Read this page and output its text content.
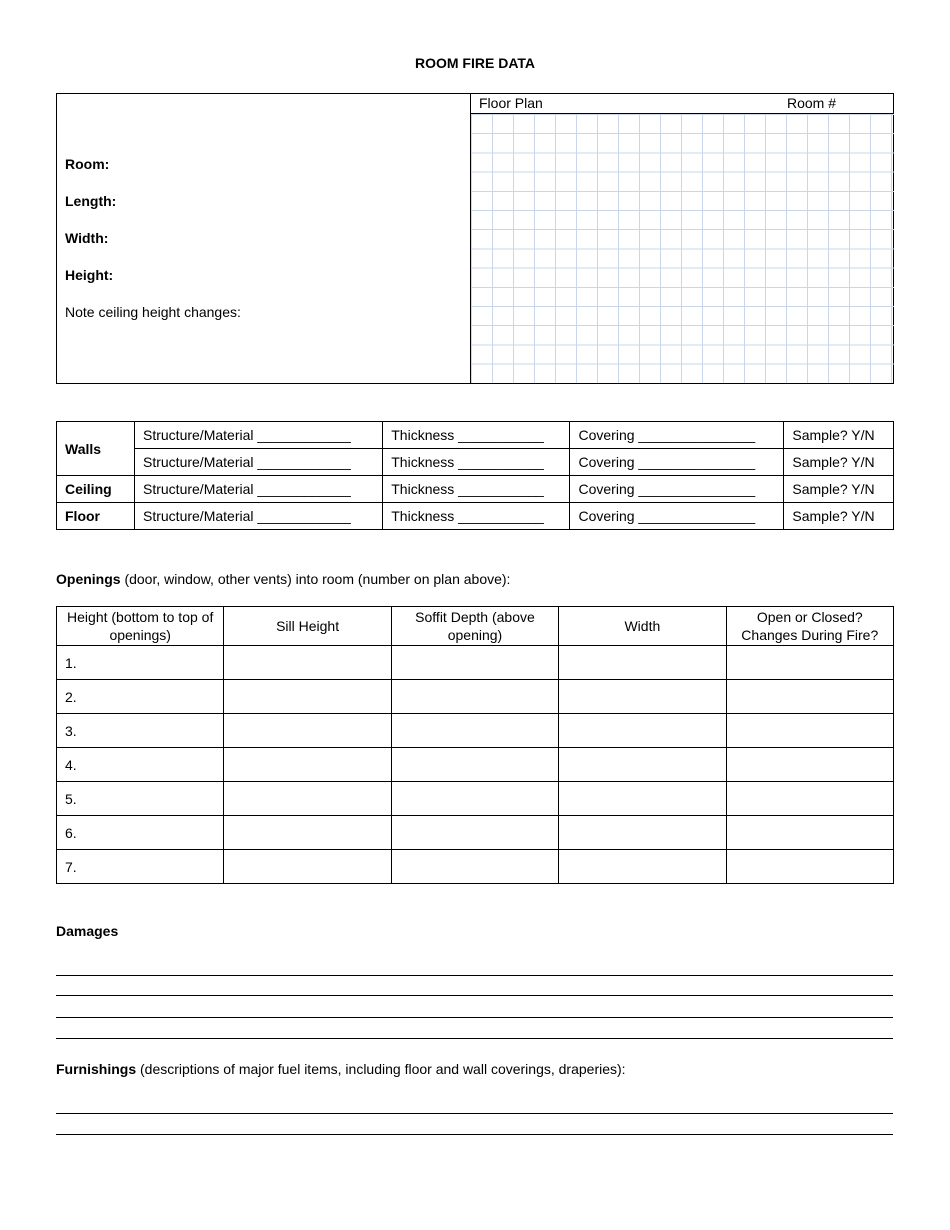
ROOM FIRE DATA
Room:
Length:
Width:
Height:
Note ceiling height changes:
Floor Plan	Room #
Walls	Structure/Material ____________	Thickness ___________	Covering _______________	Sample? Y/N
	Structure/Material ____________	Thickness ___________	Covering _______________	Sample? Y/N
Ceiling	Structure/Material ____________	Thickness ___________	Covering _______________	Sample? Y/N
Floor	Structure/Material ____________	Thickness ___________	Covering _______________	Sample? Y/N
Openings (door, window, other vents) into room (number on plan above):
Height (bottom to top of openings)	Sill Height	Soffit Depth (above opening)	Width	Open or Closed? Changes During Fire?
1.				
2.				
3.				
4.				
5.				
6.				
7.				
Damages
Furnishings (descriptions of major fuel items, including floor and wall coverings, draperies):
